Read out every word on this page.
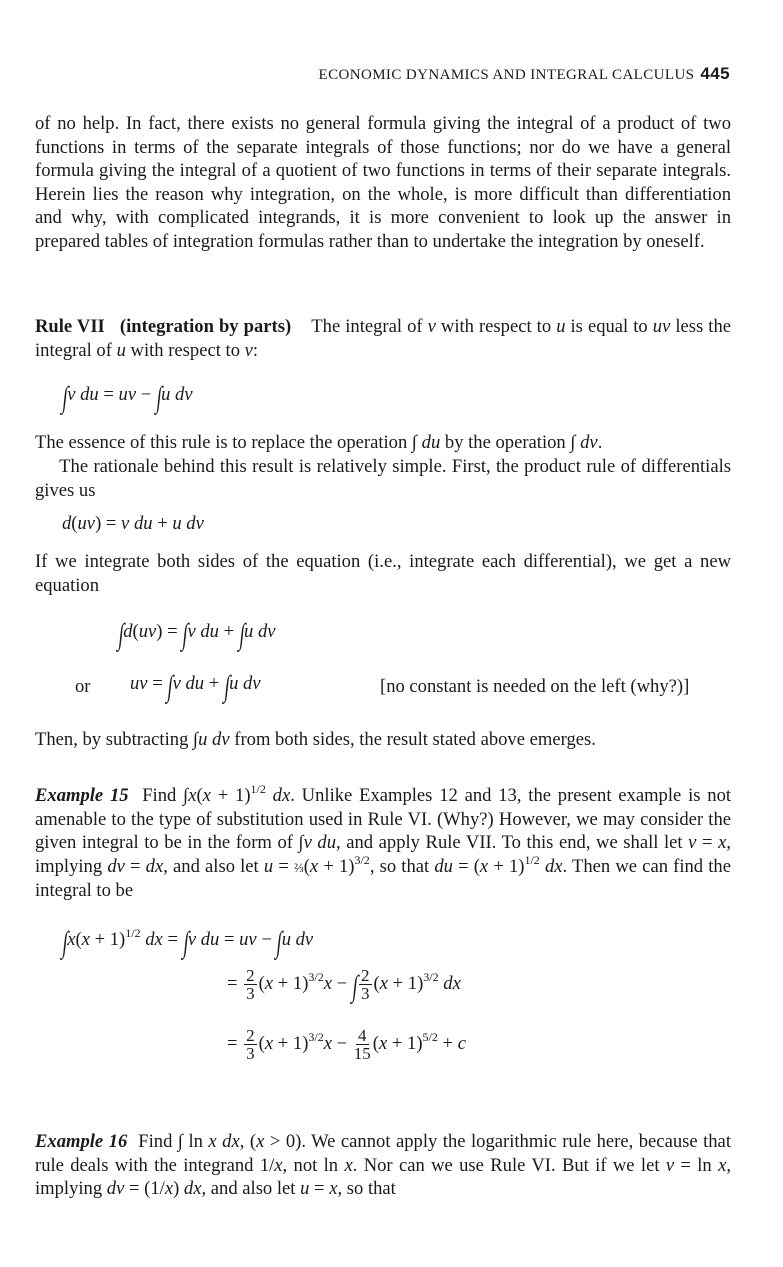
ECONOMIC DYNAMICS AND INTEGRAL CALCULUS 445

of no help. In fact, there exists no general formula giving the integral of a product of two functions in terms of the separate integrals of those functions; nor do we have a general formula giving the integral of a quotient of two functions in terms of their separate integrals. Herein lies the reason why integration, on the whole, is more difficult than differentiation and why, with complicated integrands, it is more convenient to look up the answer in prepared tables of integration formulas rather than to undertake the integration by oneself.

Rule VII (integration by parts) The integral of v with respect to u is equal to uv less the integral of u with respect to v:

∫v du = uv − ∫u dv

The essence of this rule is to replace the operation ∫ du by the operation ∫ dv.

The rationale behind this result is relatively simple. First, the product rule of differentials gives us

d(uv) = v du + u dv

If we integrate both sides of the equation (i.e., integrate each differential), we get a new equation

∫d(uv) = ∫v du + ∫u dv
or uv = ∫v du + ∫u dv	[no constant is needed on the left (why?)]

Then, by subtracting ∫u dv from both sides, the result stated above emerges.

Example 15 Find $\int x(x + 1)^{1/2}$ dx. Unlike Examples 12 and 13, the present example is not amenable to the type of substitution used in Rule VI. (Why?) However, we may consider the given integral to be in the form of ∫v du, and apply Rule VII. To this end, we shall let v = x, implying dv = dx, and also let u = ⅔(x + 1)$^{3/2}$, so that du = $(x + 1)^{1/2}$ dx. Then we can find the integral to be

$\int x(x + 1)^{1/2}$ dx = ∫v du = uv − ∫u dv
= $\frac{2}{3} (x + 1)^{3/2}x$ − ∫ $\frac{2}{3} (x + 1)^{3/2}$ dx
= $\frac{2}{3} (x + 1)^{3/2}x - \frac{4}{15} (x + 1)^{5/2} + c$

Example 16 Find ∫ ln x dx, (x > 0). We cannot apply the logarithmic rule here, because that rule deals with the integrand 1/x, not ln x. Nor can we use Rule VI. But if we let v = ln x, implying dv = (1/x) dx, and also let u = x, so that
